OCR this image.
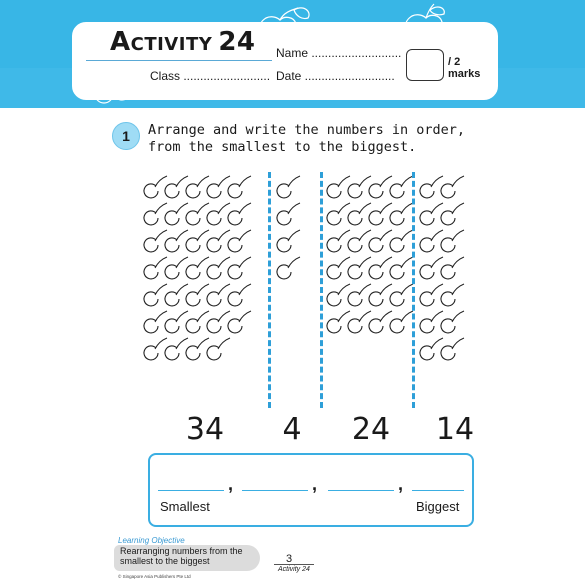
ACTIVITY 24 Name ...........................
Class .......................... Date ...........................
/ 2
marks
1	Arrange and write the numbers in order, from the smallest to the biggest.
34	4	24	14
,	,	,
Smallest	Biggest
Learning Objective
Rearranging numbers from the smallest to the biggest
© Singapore Asia Publishers Pte Ltd
3
Activity 24
